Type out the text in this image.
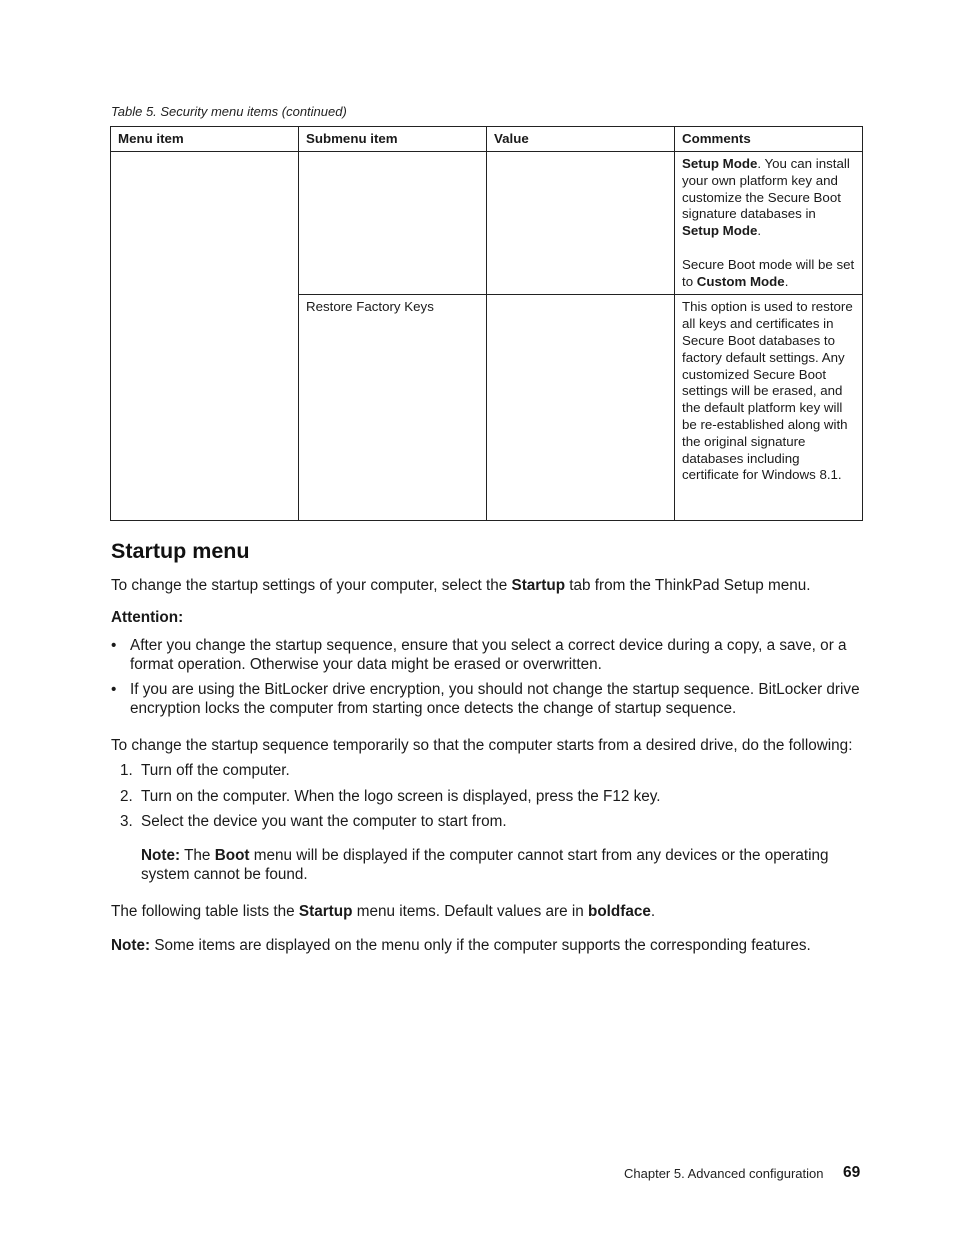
Table 5. Security menu items (continued)
Menu item	Submenu item	Value	Comments
			Setup Mode. You can install your own platform key and customize the Secure Boot signature databases in Setup Mode.
Secure Boot mode will be set to Custom Mode.
	Restore Factory Keys		This option is used to restore all keys and certificates in Secure Boot databases to factory default settings. Any customized Secure Boot settings will be erased, and the default platform key will be re-established along with the original signature databases including certificate for Windows 8.1.
Startup menu
To change the startup settings of your computer, select the Startup tab from the ThinkPad Setup menu.
Attention:
• After you change the startup sequence, ensure that you select a correct device during a copy, a save, or a format operation. Otherwise your data might be erased or overwritten.
• If you are using the BitLocker drive encryption, you should not change the startup sequence. BitLocker drive encryption locks the computer from starting once detects the change of startup sequence.
To change the startup sequence temporarily so that the computer starts from a desired drive, do the following:
1. Turn off the computer.
2. Turn on the computer. When the logo screen is displayed, press the F12 key.
3. Select the device you want the computer to start from.
Note: The Boot menu will be displayed if the computer cannot start from any devices or the operating system cannot be found.
The following table lists the Startup menu items. Default values are in boldface.
Note: Some items are displayed on the menu only if the computer supports the corresponding features.
Chapter 5. Advanced configuration 69
